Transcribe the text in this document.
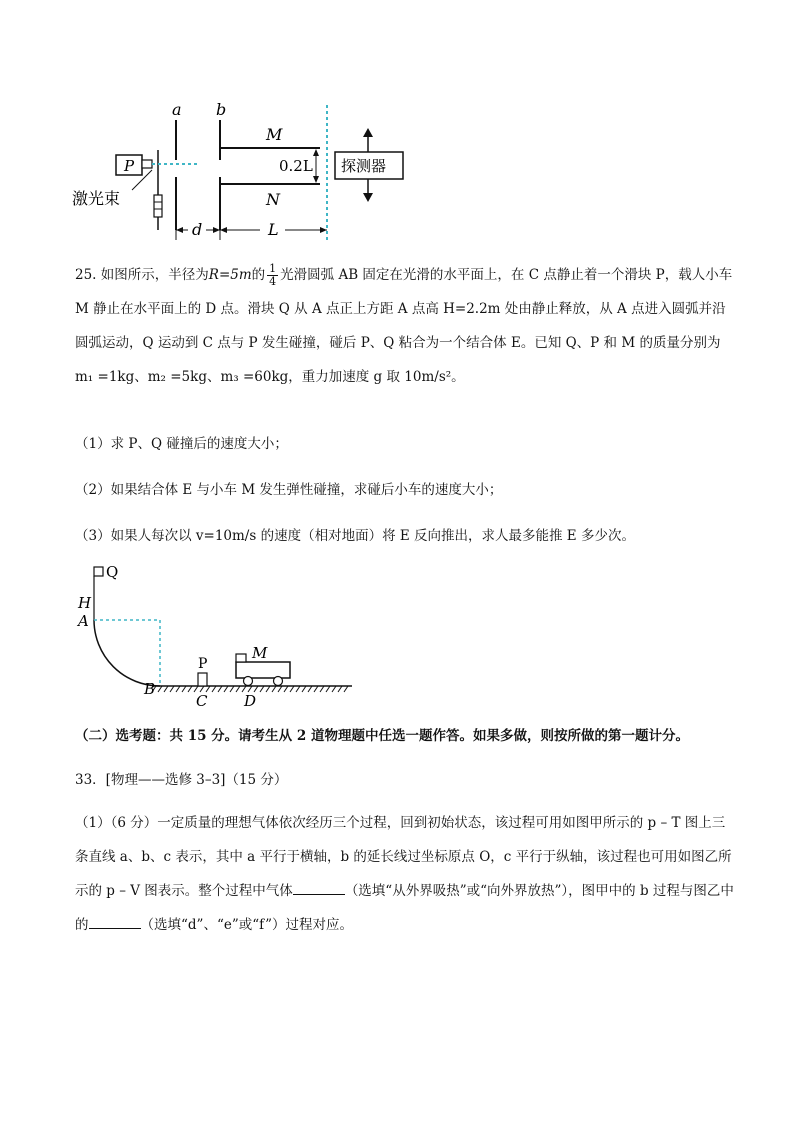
a b
M
N
P	0.2L 探测器
激光束
d	L
25. 如图所示，半径为R=5m的 $\frac{1}{4}$ 光滑圆弧 AB 固定在光滑的水平面上，在 C 点静止着一个滑块 P，载人小车 M 静止在水平面上的 D 点。滑块 Q 从 A 点正上方距 A 点高 H=2.2m 处由静止释放，从 A 点进入圆弧并沿圆弧运动，Q 运动到 C 点与 P 发生碰撞，碰后 P、Q 粘合为一个结合体 E。已知 Q、P 和 M 的质量分别为 m₁ =1kg、m₂ =5kg、m₃ =60kg，重力加速度 g 取 10m/s²。
（1）求 P、Q 碰撞后的速度大小；
（2）如果结合体 E 与小车 M 发生弹性碰撞，求碰后小车的速度大小；
（3）如果人每次以 v=10m/s 的速度（相对地面）将 E 反向推出，求人最多能推 E 多少次。
Q
H
A
P
M
B
C D
（二）选考题：共 15 分。请考生从 2 道物理题中任选一题作答。如果多做，则按所做的第一题计分。
33．[物理——选修 3–3]（15 分）
（1）（6 分）一定质量的理想气体依次经历三个过程，回到初始状态，该过程可用如图甲所示的 p – T 图上三条直线 a、b、c 表示，其中 a 平行于横轴，b 的延长线过坐标原点 O，c 平行于纵轴，该过程也可用如图乙所示的 p – V 图表示。整个过程中气体	（选填“从外界吸热”或“向外界放热”），图甲中的 b 过程与图乙中的	（选填“d”、“e”或“f”）过程对应。
